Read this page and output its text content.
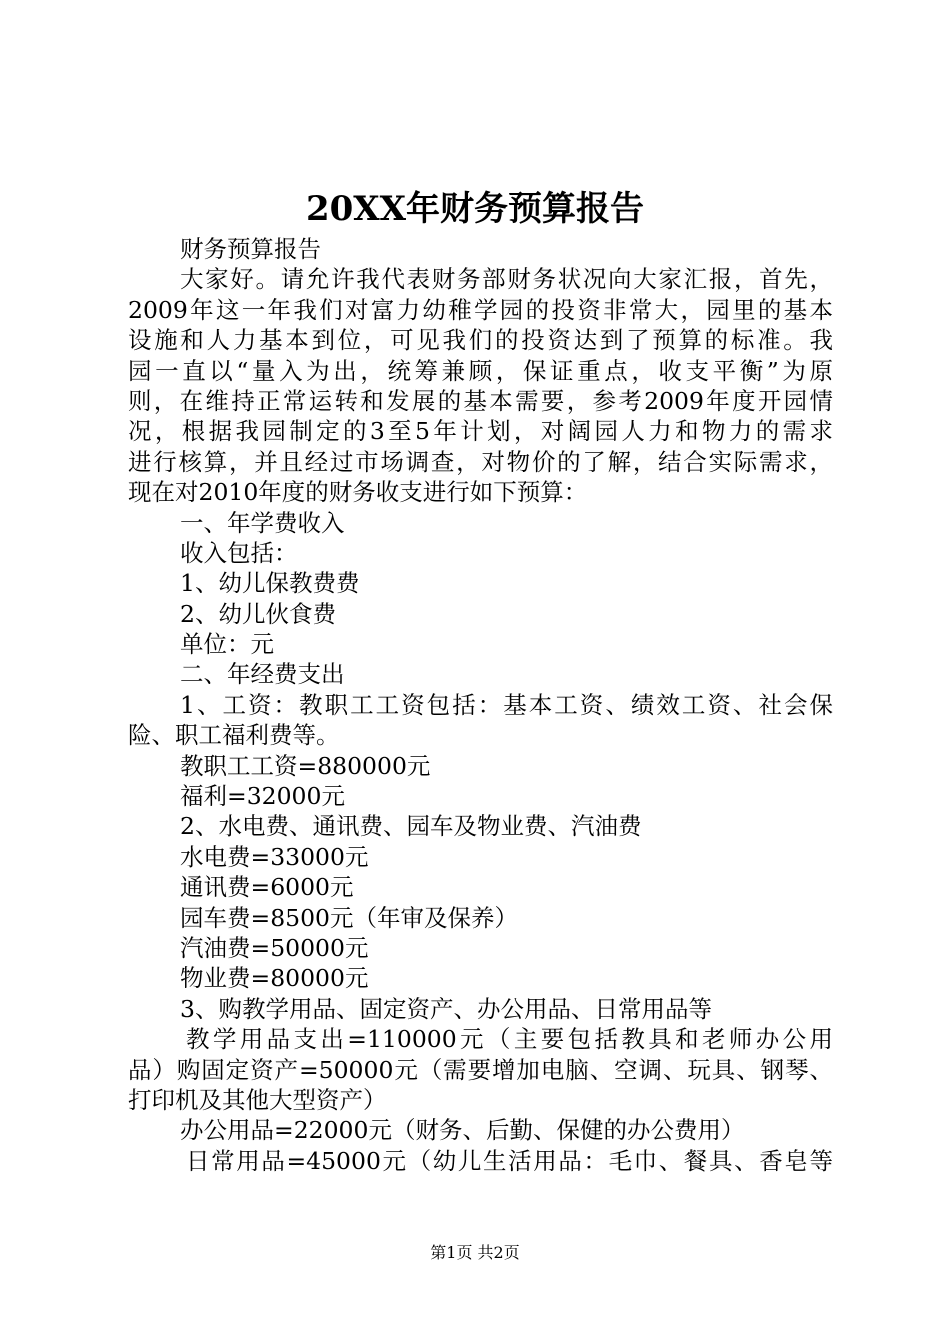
20XX年财务预算报告
财务预算报告
大家好。请允许我代表财务部财务状况向大家汇报，首先，
2009年这一年我们对富力幼稚学园的投资非常大，园里的基本
设施和人力基本到位，可见我们的投资达到了预算的标准。我
园一直以“量入为出，统筹兼顾，保证重点，收支平衡”为原
则，在维持正常运转和发展的基本需要，参考2009年度开园情
况，根据我园制定的3至5年计划，对阔园人力和物力的需求
进行核算，并且经过市场调查，对物价的了解，结合实际需求，
现在对2010年度的财务收支进行如下预算：
一、年学费收入
收入包括：
1、幼儿保教费费
2、幼儿伙食费
单位：元
二、年经费支出
1、工资：教职工工资包括：基本工资、绩效工资、社会保
险、职工福利费等。
教职工工资=880000元
福利=32000元
2、水电费、通讯费、园车及物业费、汽油费
水电费=33000元
通讯费=6000元
园车费=8500元（年审及保养）
汽油费=50000元
物业费=80000元
3、购教学用品、固定资产、办公用品、日常用品等
教学用品支出=110000元（主要包括教具和老师办公用
品）购固定资产=50000元（需要增加电脑、空调、玩具、钢琴、
打印机及其他大型资产）
办公用品=22000元（财务、后勤、保健的办公费用）
日常用品=45000元（幼儿生活用品：毛巾、餐具、香皂等
第1页 共2页
